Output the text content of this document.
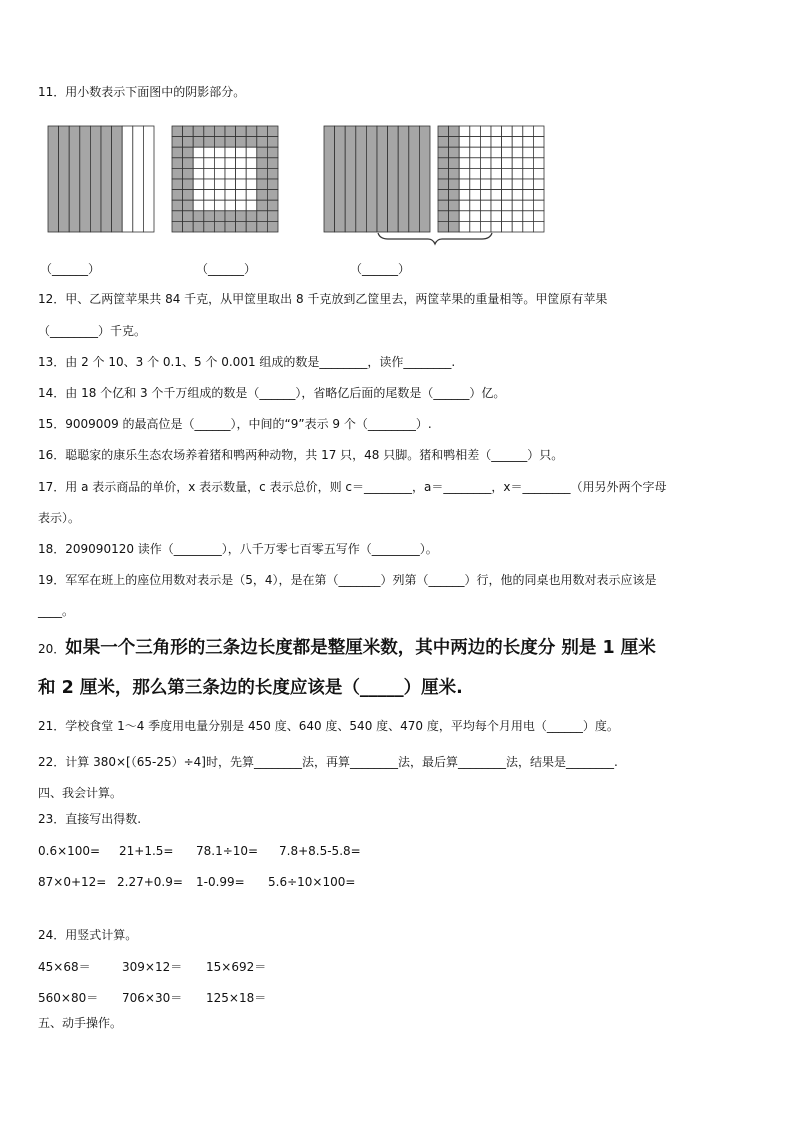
11．用小数表示下面图中的阴影部分。
（______）	（______）	（______）
12．甲、乙两筐苹果共 84 千克，从甲筐里取出 8 千克放到乙筐里去，两筐苹果的重量相等。甲筐原有苹果
（________）千克。
13．由 2 个 10、3 个 0.1、5 个 0.001 组成的数是________，读作________.
14．由 18 个亿和 3 个千万组成的数是（______），省略亿后面的尾数是（______）亿。
15．9009009 的最高位是（______），中间的“9”表示 9 个（________）.
16．聪聪家的康乐生态农场养着猪和鸭两种动物，共 17 只，48 只脚。猪和鸭相差（______）只。
17．用 a 表示商品的单价，x 表示数量，c 表示总价，则 c＝________，a＝________，x＝________（用另外两个字母
表示）。
18．209090120 读作（________），八千万零七百零五写作（________）。
19．军军在班上的座位用数对表示是（5，4），是在第（_______）列第（______）行，他的同桌也用数对表示应该是
____。
20．如果一个三角形的三条边长度都是整厘米数，其中两边的长度分 别是 1 厘米
和 2 厘米，那么第三条边的长度应该是（_____）厘米.
21．学校食堂 1～4 季度用电量分别是 450 度、640 度、540 度、470 度，平均每个月用电（______）度。
22．计算 380×[（65-25）÷4]时，先算________法，再算________法，最后算________法，结果是________.
四、我会计算。
23．直接写出得数.
0.6×100= 21+1.5= 78.1÷10= 7.8+8.5-5.8=
87×0+12= 2.27+0.9= 1-0.99= 5.6÷10×100=
24．用竖式计算。
45×68＝	309×12＝ 15×692＝
560×80＝ 706×30＝ 125×18＝
五、动手操作。
